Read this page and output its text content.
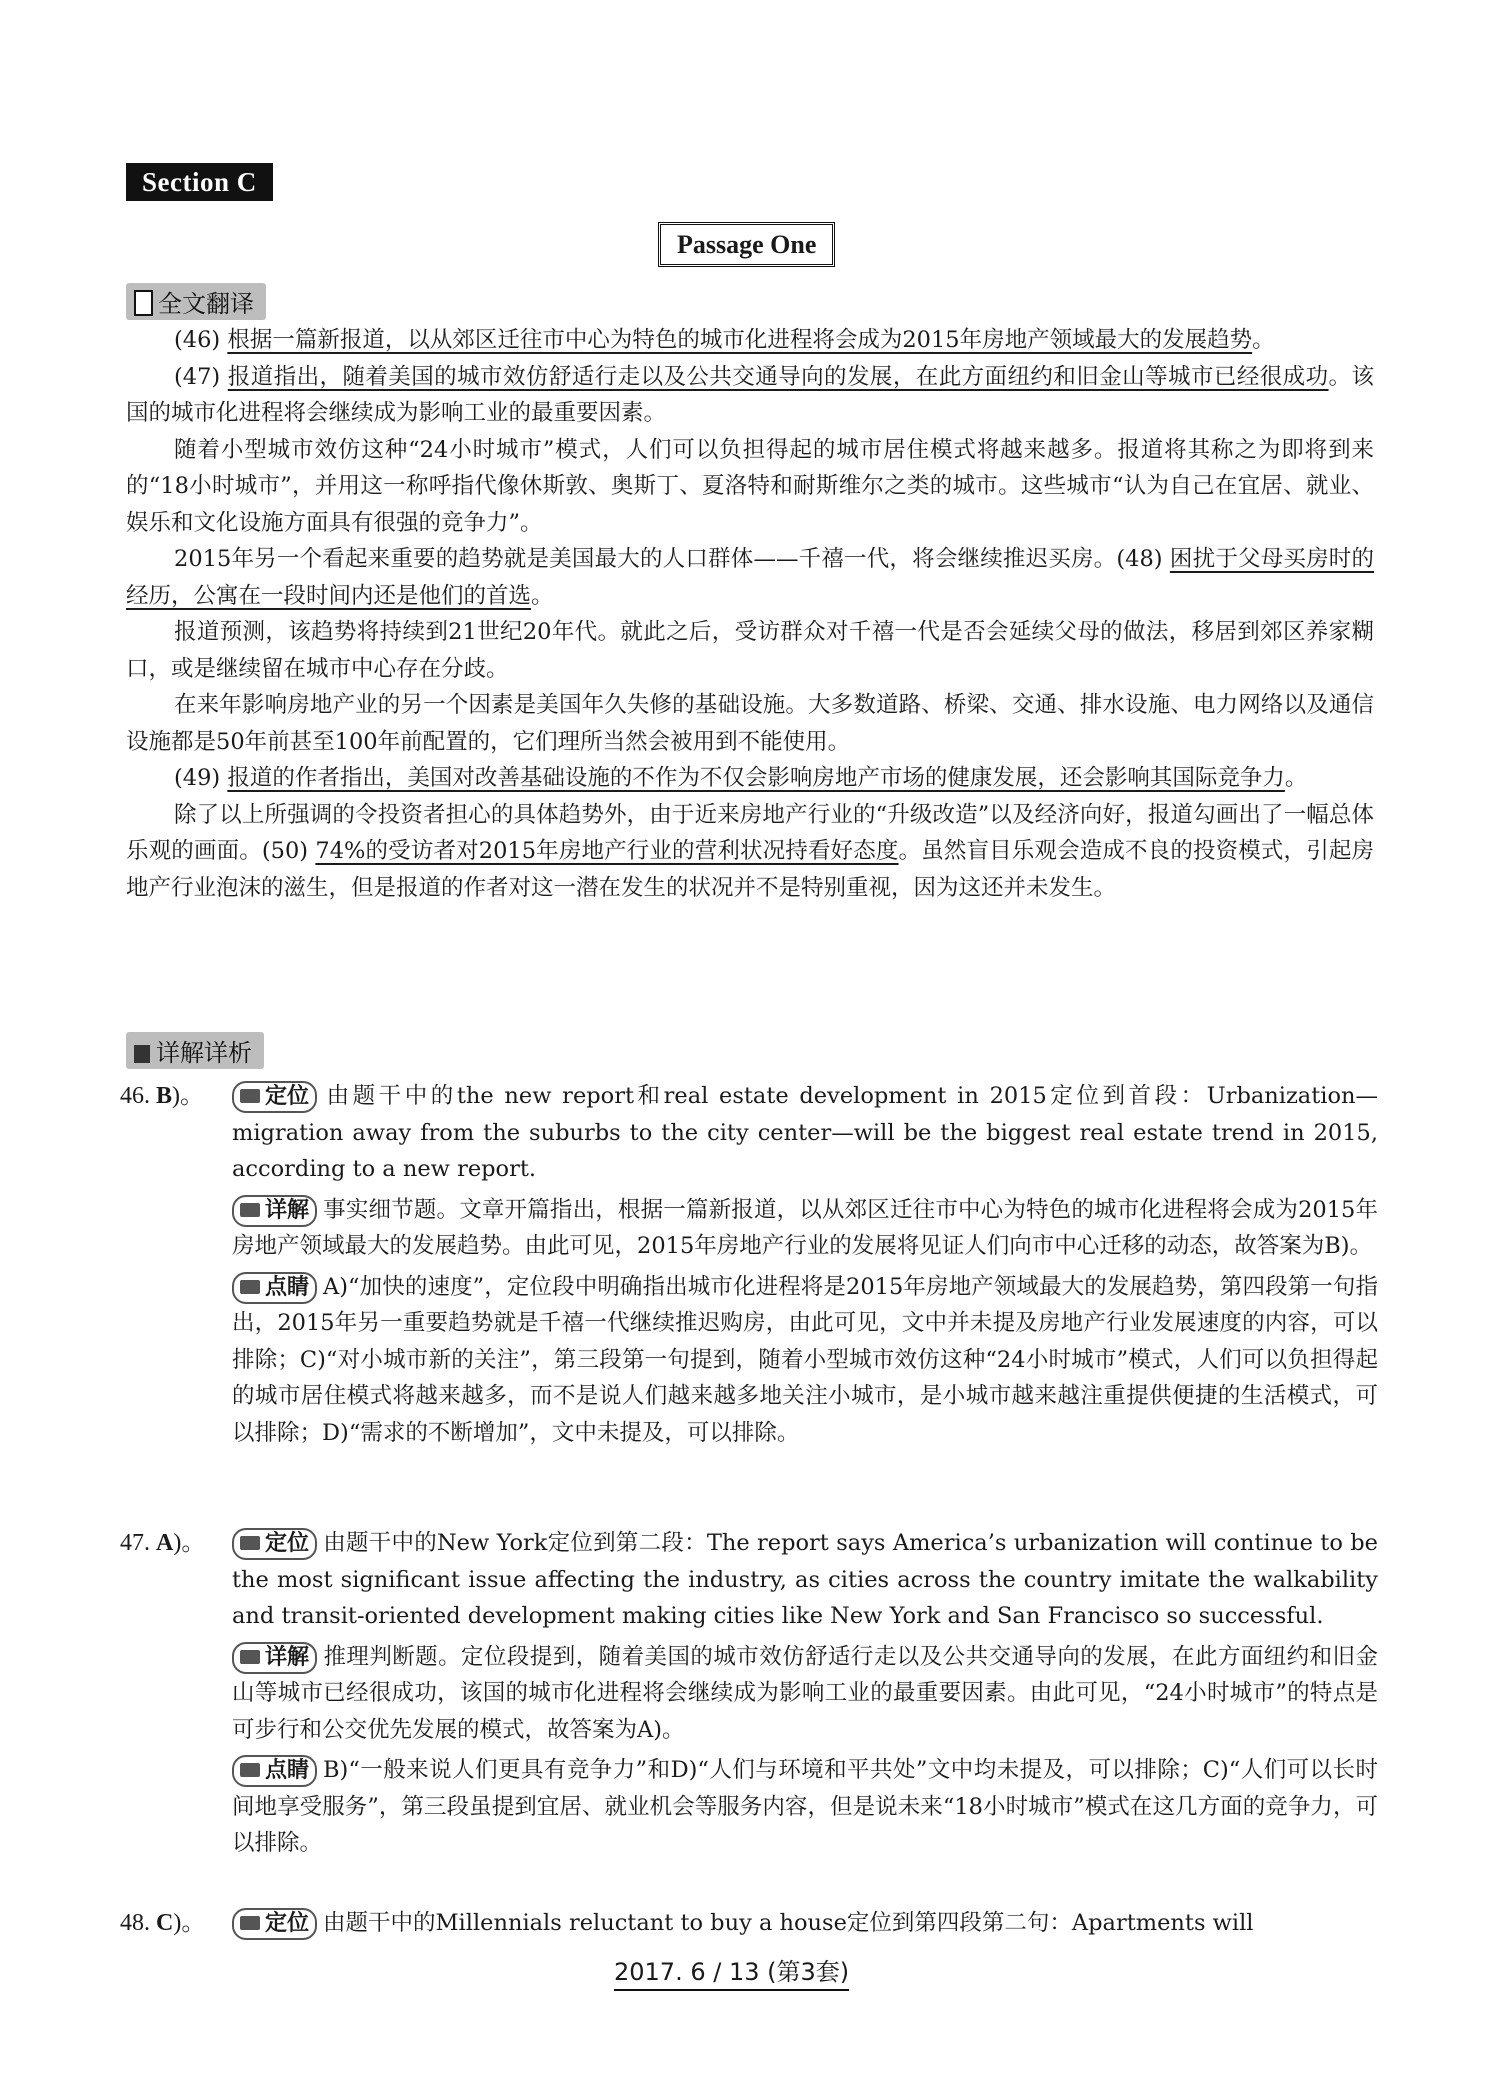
Section C
Passage One
全文翻译

(46) 根据一篇新报道，以从郊区迁往市中心为特色的城市化进程将会成为2015年房地产领域最大的发展趋势。

(47) 报道指出，随着美国的城市效仿舒适行走以及公共交通导向的发展，在此方面纽约和旧金山等城市已经很成功。该国的城市化进程将会继续成为影响工业的最重要因素。

随着小型城市效仿这种“24小时城市”模式，人们可以负担得起的城市居住模式将越来越多。报道将其称之为即将到来的“18小时城市”，并用这一称呼指代像休斯敦、奥斯丁、夏洛特和耐斯维尔之类的城市。这些城市“认为自己在宜居、就业、娱乐和文化设施方面具有很强的竞争力”。

2015年另一个看起来重要的趋势就是美国最大的人口群体——千禧一代，将会继续推迟买房。(48) 困扰于父母买房时的经历，公寓在一段时间内还是他们的首选。

报道预测，该趋势将持续到21世纪20年代。就此之后，受访群众对千禧一代是否会延续父母的做法，移居到郊区养家糊口，或是继续留在城市中心存在分歧。

在来年影响房地产业的另一个因素是美国年久失修的基础设施。大多数道路、桥梁、交通、排水设施、电力网络以及通信设施都是50年前甚至100年前配置的，它们理所当然会被用到不能使用。

(49) 报道的作者指出，美国对改善基础设施的不作为不仅会影响房地产市场的健康发展，还会影响其国际竞争力。

除了以上所强调的令投资者担心的具体趋势外，由于近来房地产行业的“升级改造”以及经济向好，报道勾画出了一幅总体乐观的画面。(50) 74%的受访者对2015年房地产行业的营利状况持看好态度。虽然盲目乐观会造成不良的投资模式，引起房地产行业泡沫的滋生，但是报道的作者对这一潜在发生的状况并不是特别重视，因为这还并未发生。

详解详析
46. B)。	定位 由题干中的the new report和real estate development in 2015定位到首段：Urbanization—migration away from the suburbs to the city center—will be the biggest real estate trend in 2015, according to a new report.

详解 事实细节题。文章开篇指出，根据一篇新报道，以从郊区迁往市中心为特色的城市化进程将会成为2015年房地产领域最大的发展趋势。由此可见，2015年房地产行业的发展将见证人们向市中心迁移的动态，故答案为B)。

点睛 A)“加快的速度”，定位段中明确指出城市化进程将是2015年房地产领域最大的发展趋势，第四段第一句指出，2015年另一重要趋势就是千禧一代继续推迟购房，由此可见，文中并未提及房地产行业发展速度的内容，可以排除；C)“对小城市新的关注”，第三段第一句提到，随着小型城市效仿这种“24小时城市”模式，人们可以负担得起的城市居住模式将越来越多，而不是说人们越来越多地关注小城市，是小城市越来越注重提供便捷的生活模式，可以排除；D)“需求的不断增加”，文中未提及，可以排除。

47. A)。	定位 由题干中的New York定位到第二段：The report says America’s urbanization will continue to be the most significant issue affecting the industry, as cities across the country imitate the walkability and transit-oriented development making cities like New York and San Francisco so successful.

详解 推理判断题。定位段提到，随着美国的城市效仿舒适行走以及公共交通导向的发展，在此方面纽约和旧金山等城市已经很成功，该国的城市化进程将会继续成为影响工业的最重要因素。由此可见，“24小时城市”的特点是可步行和公交优先发展的模式，故答案为A)。

点睛 B)“一般来说人们更具有竞争力”和D)“人们与环境和平共处”文中均未提及，可以排除；C)“人们可以长时间地享受服务”，第三段虽提到宜居、就业机会等服务内容，但是说未来“18小时城市”模式在这几方面的竞争力，可以排除。

48. C)。	定位 由题干中的Millennials reluctant to buy a house定位到第四段第二句：Apartments will

2017. 6 / 13 (第3套)
